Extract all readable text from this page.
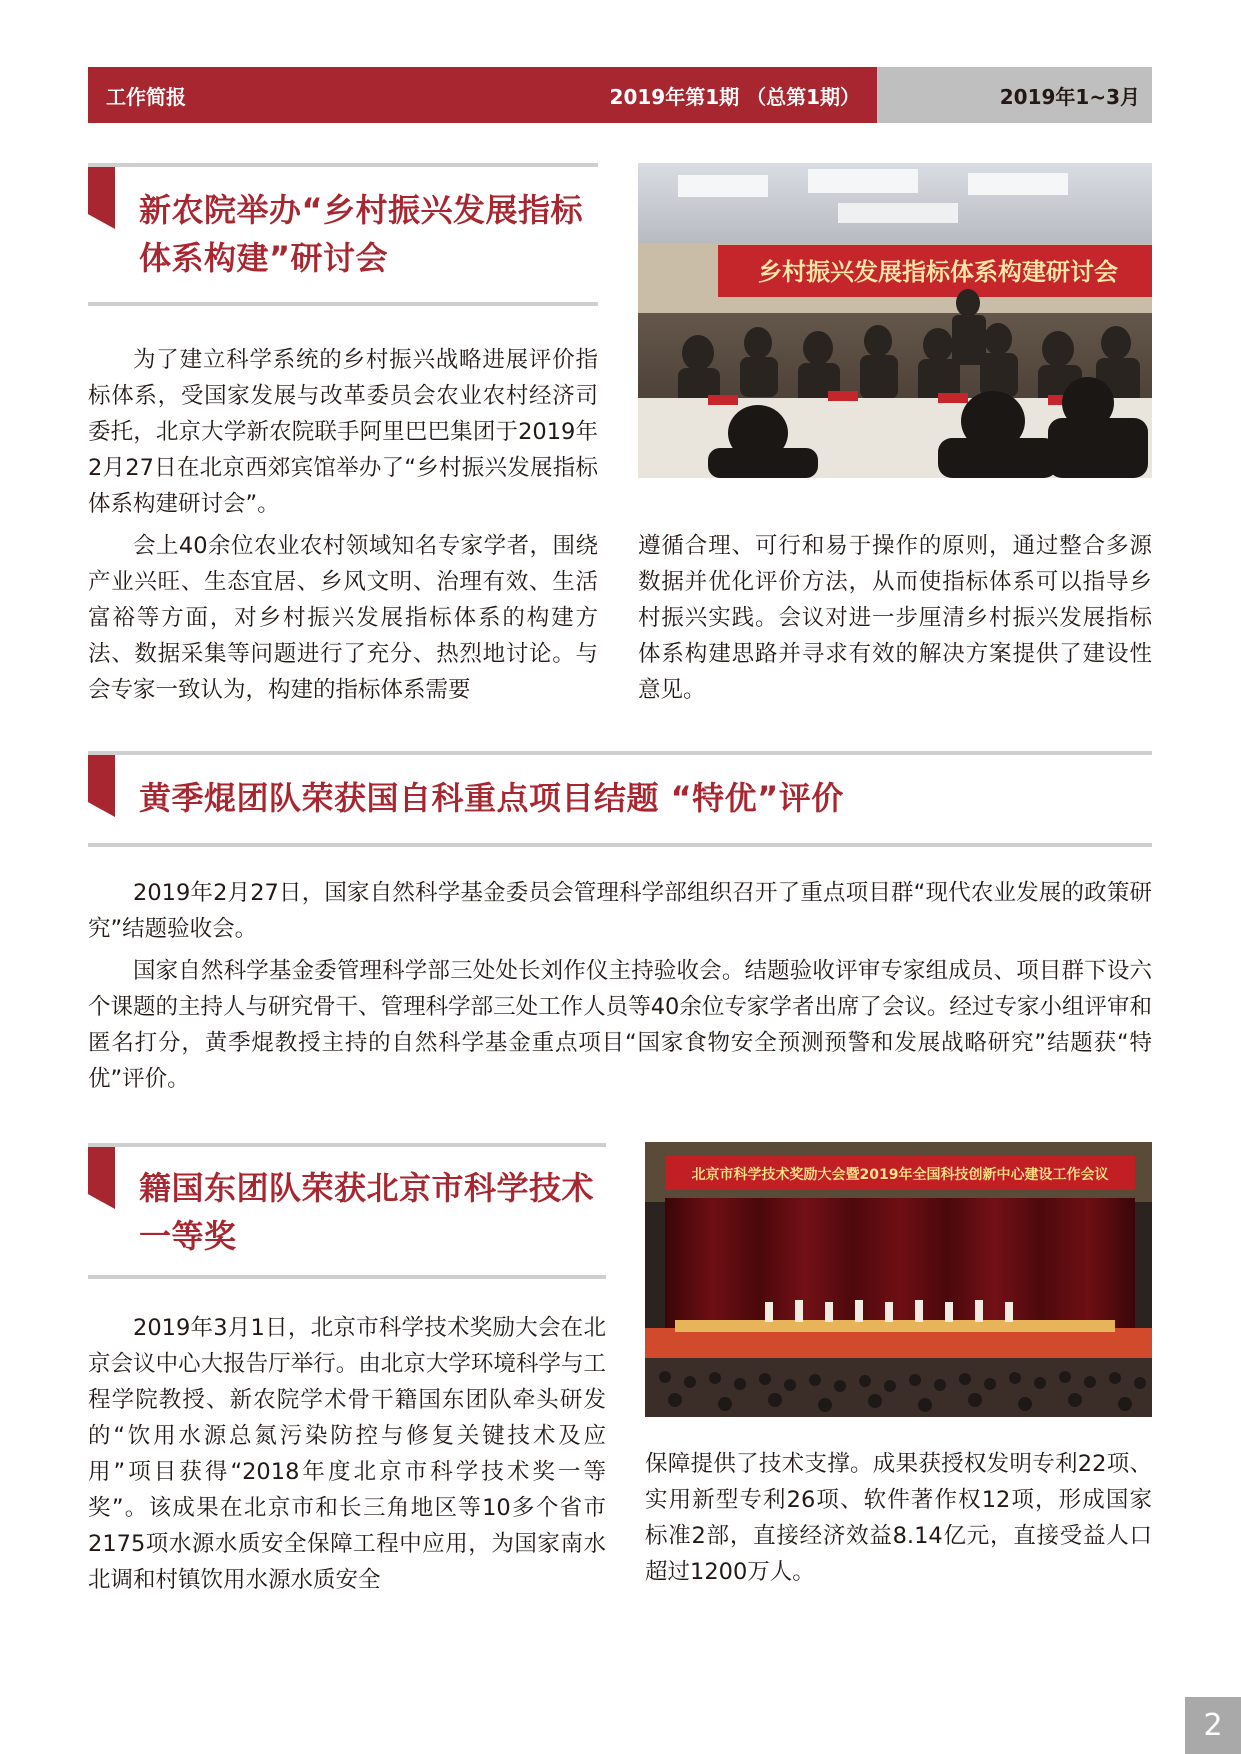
工作简报	2019年第1期 （总第1期）	2019年1~3月
新农院举办“乡村振兴发展指标
体系构建”研讨会

为了建立科学系统的乡村振兴战略进展评价指标体系，受国家发展与改革委员会农业农村经济司委托，北京大学新农院联手阿里巴巴集团于2019年 2月27日在北京西郊宾馆举办了“乡村振兴发展指标体系构建研讨会”。

会上40余位农业农村领域知名专家学者，围绕产业兴旺、生态宜居、乡风文明、治理有效、生活富裕等方面，对乡村振兴发展指标体系的构建方法、数据采集等问题进行了充分、热烈地讨论。与会专家一致认为，构建的指标体系需要

乡村振兴发展指标体系构建研讨会

遵循合理、可行和易于操作的原则，通过整合多源数据并优化评价方法，从而使指标体系可以指导乡村振兴实践。会议对进一步厘清乡村振兴发展指标体系构建思路并寻求有效的解决方案提供了建设性意见。

黄季焜团队荣获国自科重点项目结题 “特优”评价

2019年2月27日，国家自然科学基金委员会管理科学部组织召开了重点项目群“现代农业发展的政策研究”结题验收会。

国家自然科学基金委管理科学部三处处长刘作仪主持验收会。结题验收评审专家组成员、项目群下设六个课题的主持人与研究骨干、管理科学部三处工作人员等40余位专家学者出席了会议。经过专家小组评审和匿名打分，黄季焜教授主持的自然科学基金重点项目“国家食物安全预测预警和发展战略研究”结题获“特优”评价。

籍国东团队荣获北京市科学技术
一等奖

2019年3月1日，北京市科学技术奖励大会在北京会议中心大报告厅举行。由北京大学环境科学与工程学院教授、新农院学术骨干籍国东团队牵头研发的“饮用水源总氮污染防控与修复关键技术及应用”项目获得“2018年度北京市科学技术奖一等奖”。该成果在北京市和长三角地区等10多个省市2175项水源水质安全保障工程中应用，为国家南水北调和村镇饮用水源水质安全

北京市科学技术奖励大会暨2019年全国科技创新中心建设工作会议

保障提供了技术支撑。成果获授权发明专利22项、实用新型专利26项、软件著作权12项，形成国家标准2部，直接经济效益8.14亿元，直接受益人口超过1200万人。

2
